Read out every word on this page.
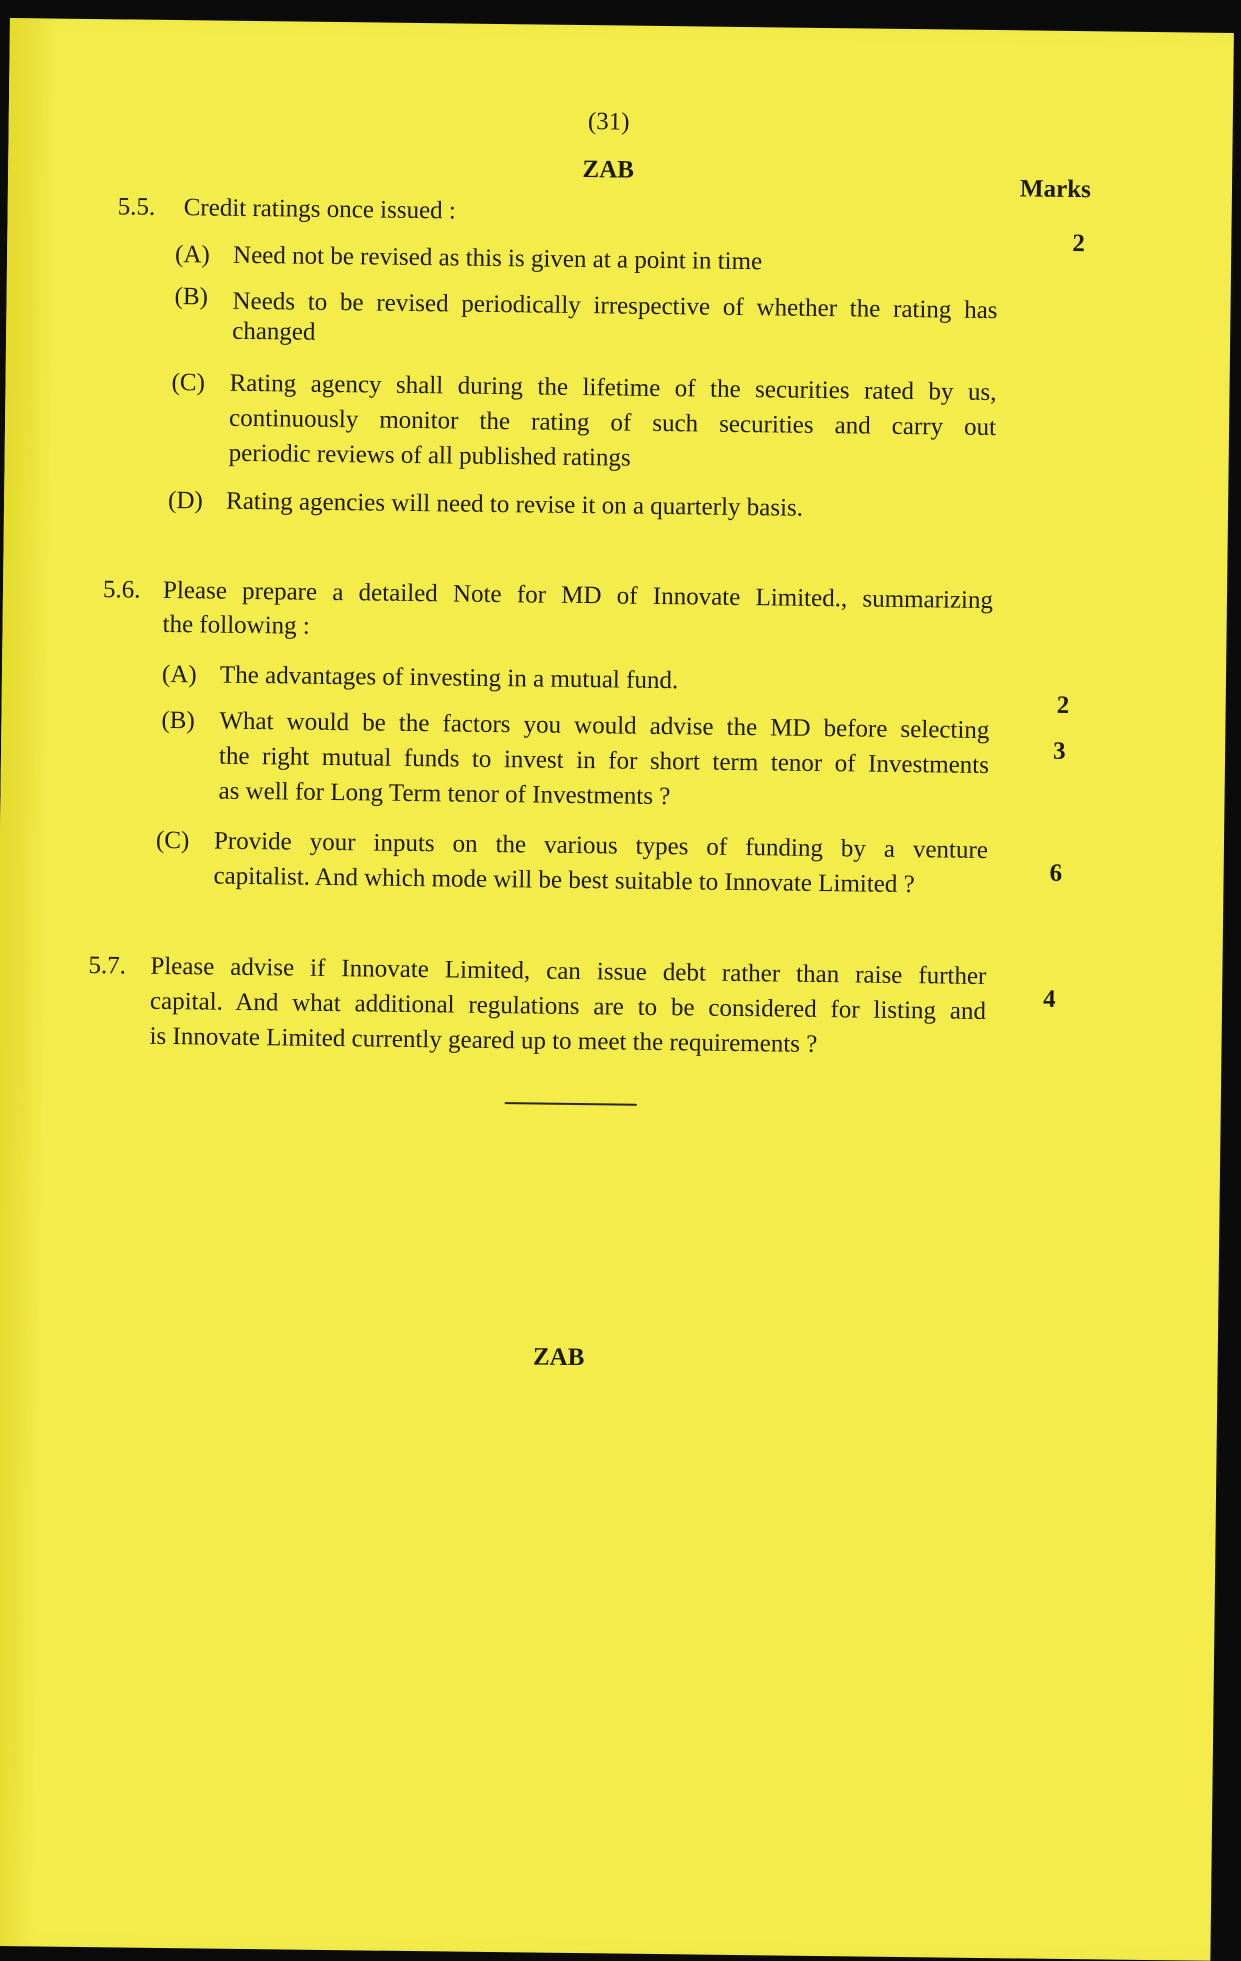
(31)
ZAB
Marks
5.5. Credit ratings once issued :
2
(A) Need not be revised as this is given at a point in time
(B) Needs to be revised periodically irrespective of whether the rating has
changed
(C) Rating agency shall during the lifetime of the securities rated by us,
continuously monitor the rating of such securities and carry out
periodic reviews of all published ratings
(D) Rating agencies will need to revise it on a quarterly basis.
5.6. Please prepare a detailed Note for MD of Innovate Limited., summarizing
the following :
(A) The advantages of investing in a mutual fund.
2
(B) What would be the factors you would advise the MD before selecting
the right mutual funds to invest in for short term tenor of Investments
as well for Long Term tenor of Investments ?
3
(C) Provide your inputs on the various types of funding by a venture
capitalist. And which mode will be best suitable to Innovate Limited ?	6
5.7. Please advise if Innovate Limited, can issue debt rather than raise further
capital. And what additional regulations are to be considered for listing and
is Innovate Limited currently geared up to meet the requirements ?
4
ZAB
